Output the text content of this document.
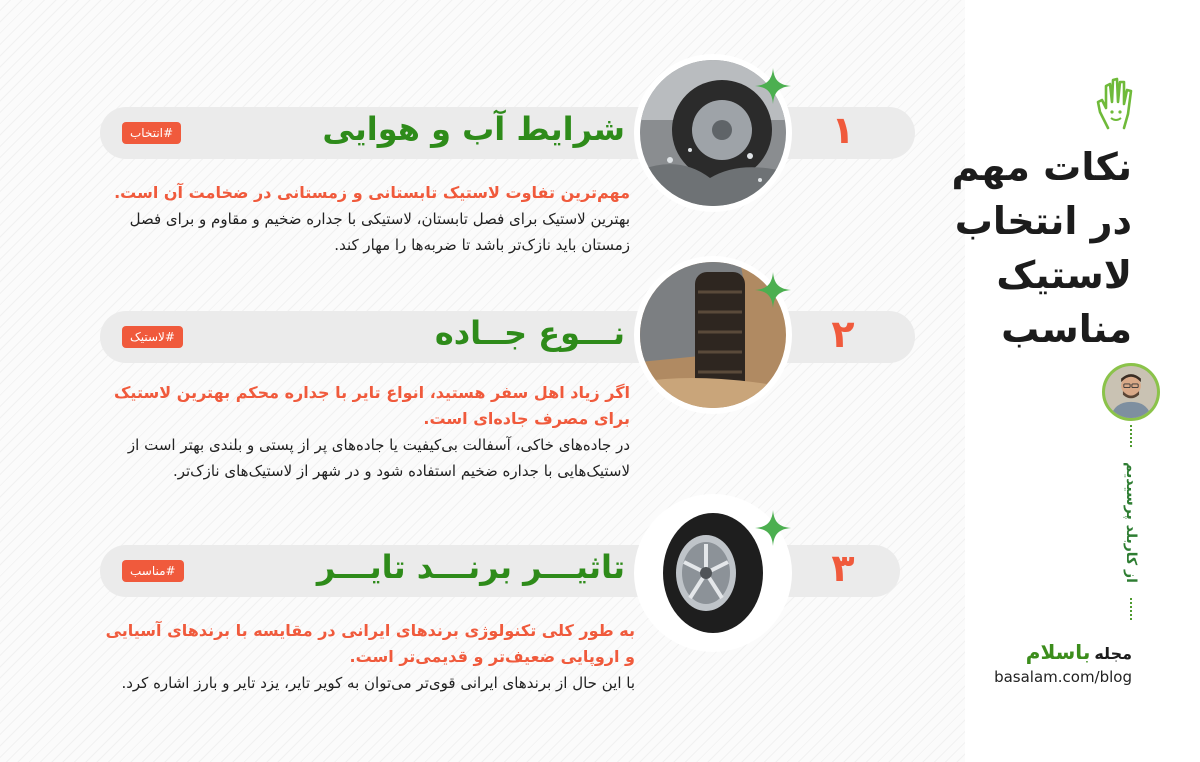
نکات مهم
در انتخاب
لاستیک
مناسب
از کاربلد پرسیدیم
مجله
باسلام
basalam.com/blog
#انتخاب	شرایط آب و هوایی	۱
مهم‌ترین تفاوت لاستیک تابستانی و زمستانی در ضخامت آن است.
بهترین لاستیک برای فصل تابستان، لاستیکی با جداره ضخیم و مقاوم و برای فصل زمستان باید نازک‌تر باشد تا ضربه‌ها را مهار کند.
#لاستیک	نـــوع جــاده	۲
اگر زیاد اهل سفر هستید، انواع تایر با جداره محکم بهترین لاستیک برای مصرف جاده‌ای است.
در جاده‌های خاکی، آسفالت بی‌کیفیت یا جاده‌های پر از پستی و بلندی بهتر است از لاستیک‌هایی با جداره ضخیم استفاده شود و در شهر از لاستیک‌های نازک‌تر.
#مناسب	تاثیـــر برنـــد تایـــر	۳
به طور کلی تکنولوژی برندهای ایرانی در مقایسه با برندهای آسیایی و اروپایی ضعیف‌تر و قدیمی‌تر است.
با این حال از برندهای ایرانی قوی‌تر می‌توان به کویر تایر، یزد تایر و بارز اشاره کرد.
